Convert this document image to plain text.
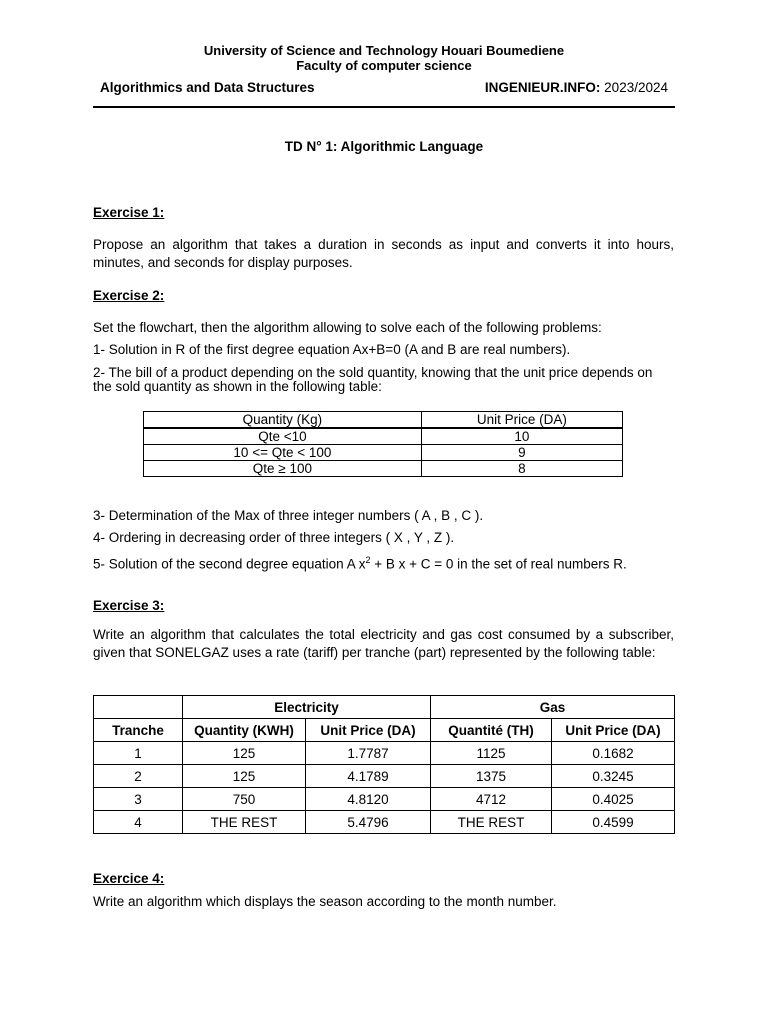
University of Science and Technology Houari Boumediene
Faculty of computer science
Algorithmics and Data Structures	INGENIEUR.INFO: 2023/2024
TD N° 1: Algorithmic Language
Exercise 1:
Propose an algorithm that takes a duration in seconds as input and converts it into hours, minutes, and seconds for display purposes.
Exercise 2:
Set the flowchart, then the algorithm allowing to solve each of the following problems:
1- Solution in R of the first degree equation Ax+B=0 (A and B are real numbers).
2- The bill of a product depending on the sold quantity, knowing that the unit price depends on the sold quantity as shown in the following table:
Quantity (Kg)	Unit Price (DA)
Qte <10	10
10 <= Qte < 100	9
Qte ≥ 100	8
3- Determination of the Max of three integer numbers ( A , B , C ).
4- Ordering in decreasing order of three integers ( X , Y , Z ).
5- Solution of the second degree equation A $x^2 + B$ x + C = 0 in the set of real numbers R.
Exercise 3:
Write an algorithm that calculates the total electricity and gas cost consumed by a subscriber, given that SONELGAZ uses a rate (tariff) per tranche (part) represented by the following table:
	Electricity		Gas	
Tranche	Quantity (KWH)	Unit Price (DA)	Quantité (TH)	Unit Price (DA)
1	125	1.7787	1125	0.1682
2	125	4.1789	1375	0.3245
3	750	4.8120	4712	0.4025
4	THE REST	5.4796	THE REST	0.4599
Exercice 4:
Write an algorithm which displays the season according to the month number.
